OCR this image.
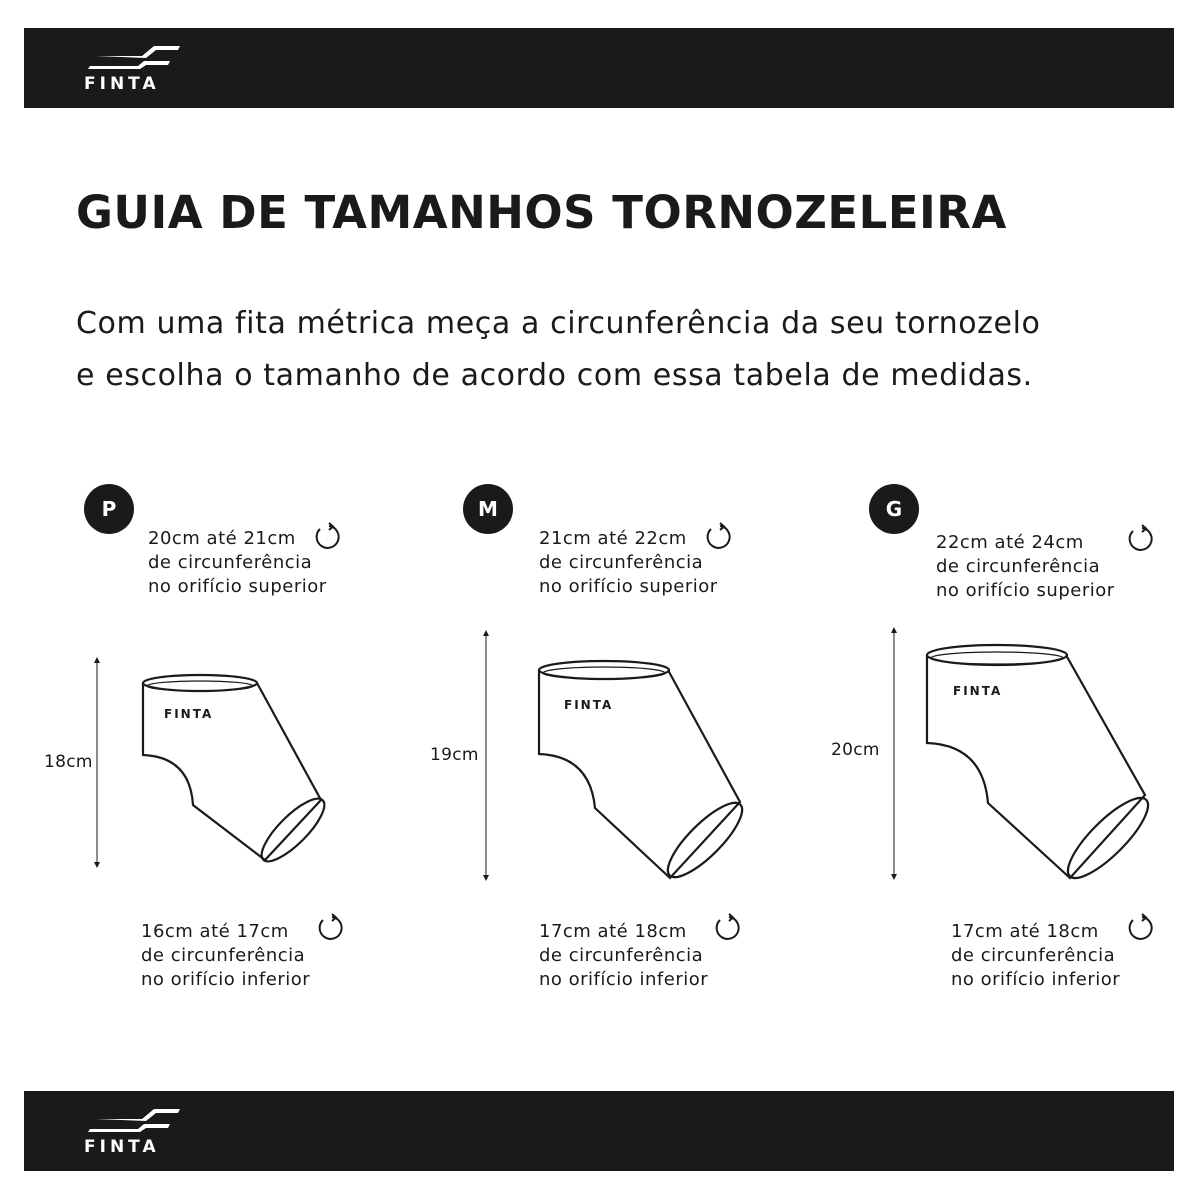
FINTA
GUIA DE TAMANHOS TORNOZELEIRA

Com uma fita métrica meça a circunferência da seu tornozelo
e escolha o tamanho de acordo com essa tabela de medidas.

P
20cm até 21cm
de circunferência
no orifício superior
18cm
FINTA
16cm até 17cm
de circunferência
no orifício inferior
M
21cm até 22cm
de circunferência
no orifício superior
19cm
FINTA
17cm até 18cm
de circunferência
no orifício inferior
G
22cm até 24cm
de circunferência
no orifício superior
20cm
FINTA
17cm até 18cm
de circunferência
no orifício inferior
FINTA
